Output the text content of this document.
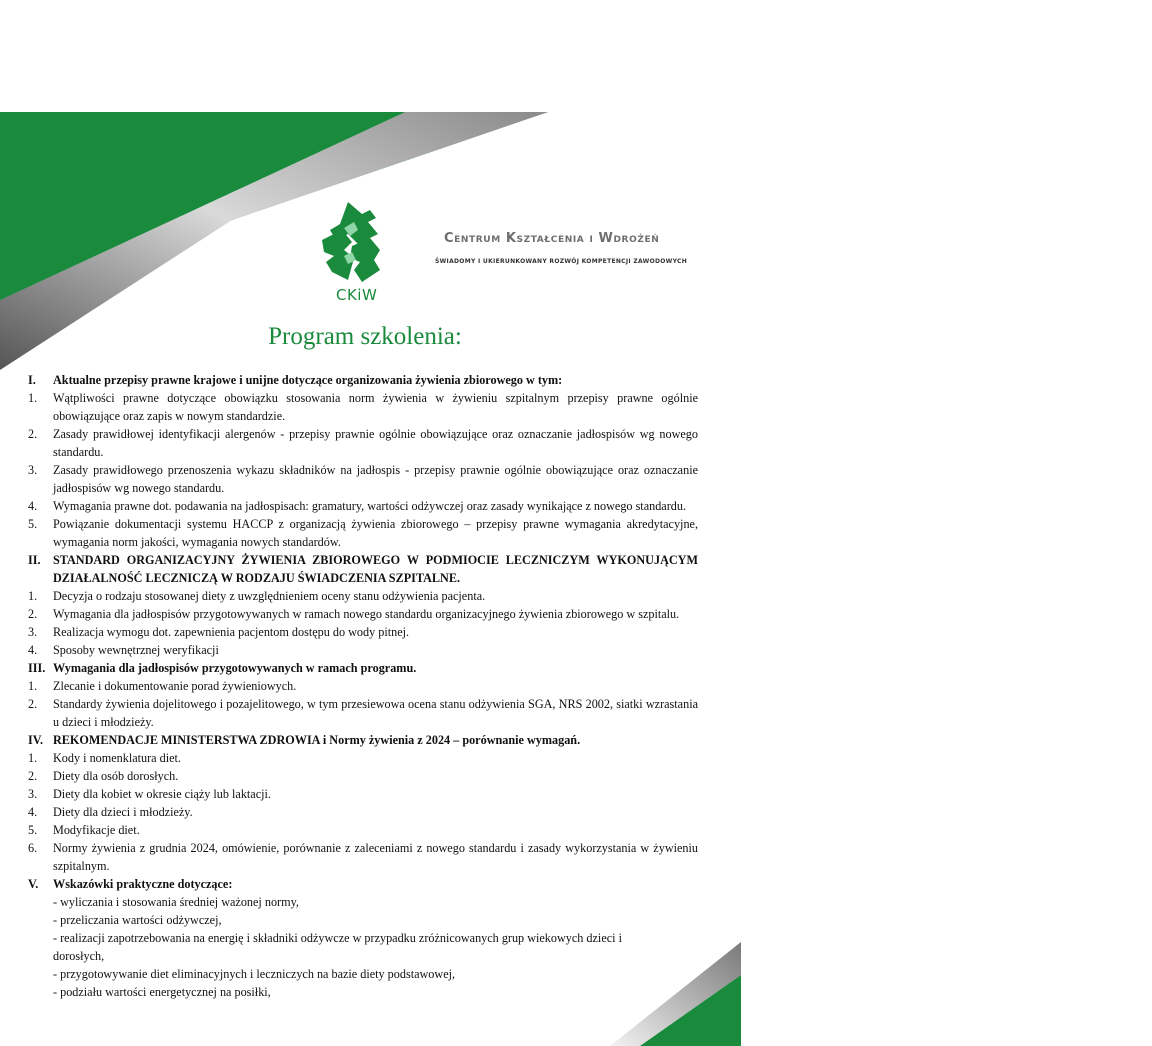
CKiW
Centrum Kształcenia i Wdrożeń
ŚWIADOMY I UKIERUNKOWANY ROZWÓJ KOMPETENCJI ZAWODOWYCH
Program szkolenia:
I.	Aktualne przepisy prawne krajowe i unijne dotyczące organizowania żywienia zbiorowego w tym:
1.	Wątpliwości prawne dotyczące obowiązku stosowania norm żywienia w żywieniu szpitalnym przepisy prawne ogólnie obowiązujące oraz zapis w nowym standardzie.
2.	Zasady prawidłowej identyfikacji alergenów - przepisy prawnie ogólnie obowiązujące oraz oznaczanie jadłospisów wg nowego standardu.
3.	Zasady prawidłowego przenoszenia wykazu składników na jadłospis - przepisy prawnie ogólnie obowiązujące oraz oznaczanie jadłospisów wg nowego standardu.
4.	Wymagania prawne dot. podawania na jadłospisach: gramatury, wartości odżywczej oraz zasady wynikające z nowego standardu.
5.	Powiązanie dokumentacji systemu HACCP z organizacją żywienia zbiorowego – przepisy prawne wymagania akredytacyjne, wymagania norm jakości, wymagania nowych standardów.
II.	STANDARD ORGANIZACYJNY ŻYWIENIA ZBIOROWEGO W PODMIOCIE LECZNICZYM WYKONUJĄCYM DZIAŁALNOŚĆ LECZNICZĄ W RODZAJU ŚWIADCZENIA SZPITALNE.
1.	Decyzja o rodzaju stosowanej diety z uwzględnieniem oceny stanu odżywienia pacjenta.
2.	Wymagania dla jadłospisów przygotowywanych w ramach nowego standardu organizacyjnego żywienia zbiorowego w szpitalu.
3.	Realizacja wymogu dot. zapewnienia pacjentom dostępu do wody pitnej.
4.	Sposoby wewnętrznej weryfikacji
III. Wymagania dla jadłospisów przygotowywanych w ramach programu.
1.	Zlecanie i dokumentowanie porad żywieniowych.
2.	Standardy żywienia dojelitowego i pozajelitowego, w tym przesiewowa ocena stanu odżywienia SGA, NRS 2002, siatki wzrastania u dzieci i młodzieży.
IV. REKOMENDACJE MINISTERSTWA ZDROWIA i Normy żywienia z 2024 – porównanie wymagań.
1.	Kody i nomenklatura diet.
2.	Diety dla osób dorosłych.
3.	Diety dla kobiet w okresie ciąży lub laktacji.
4.	Diety dla dzieci i młodzieży.
5.	Modyfikacje diet.
6.	Normy żywienia z grudnia 2024, omówienie, porównanie z zaleceniami z nowego standardu i zasady wykorzystania w żywieniu szpitalnym.
V.	Wskazówki praktyczne dotyczące:
- wyliczania i stosowania średniej ważonej normy,
- przeliczania wartości odżywczej,
- realizacji zapotrzebowania na energię i składniki odżywcze w przypadku zróżnicowanych grup wiekowych dzieci i dorosłych,
- przygotowywanie diet eliminacyjnych i leczniczych na bazie diety podstawowej,
- podziału wartości energetycznej na posiłki,
